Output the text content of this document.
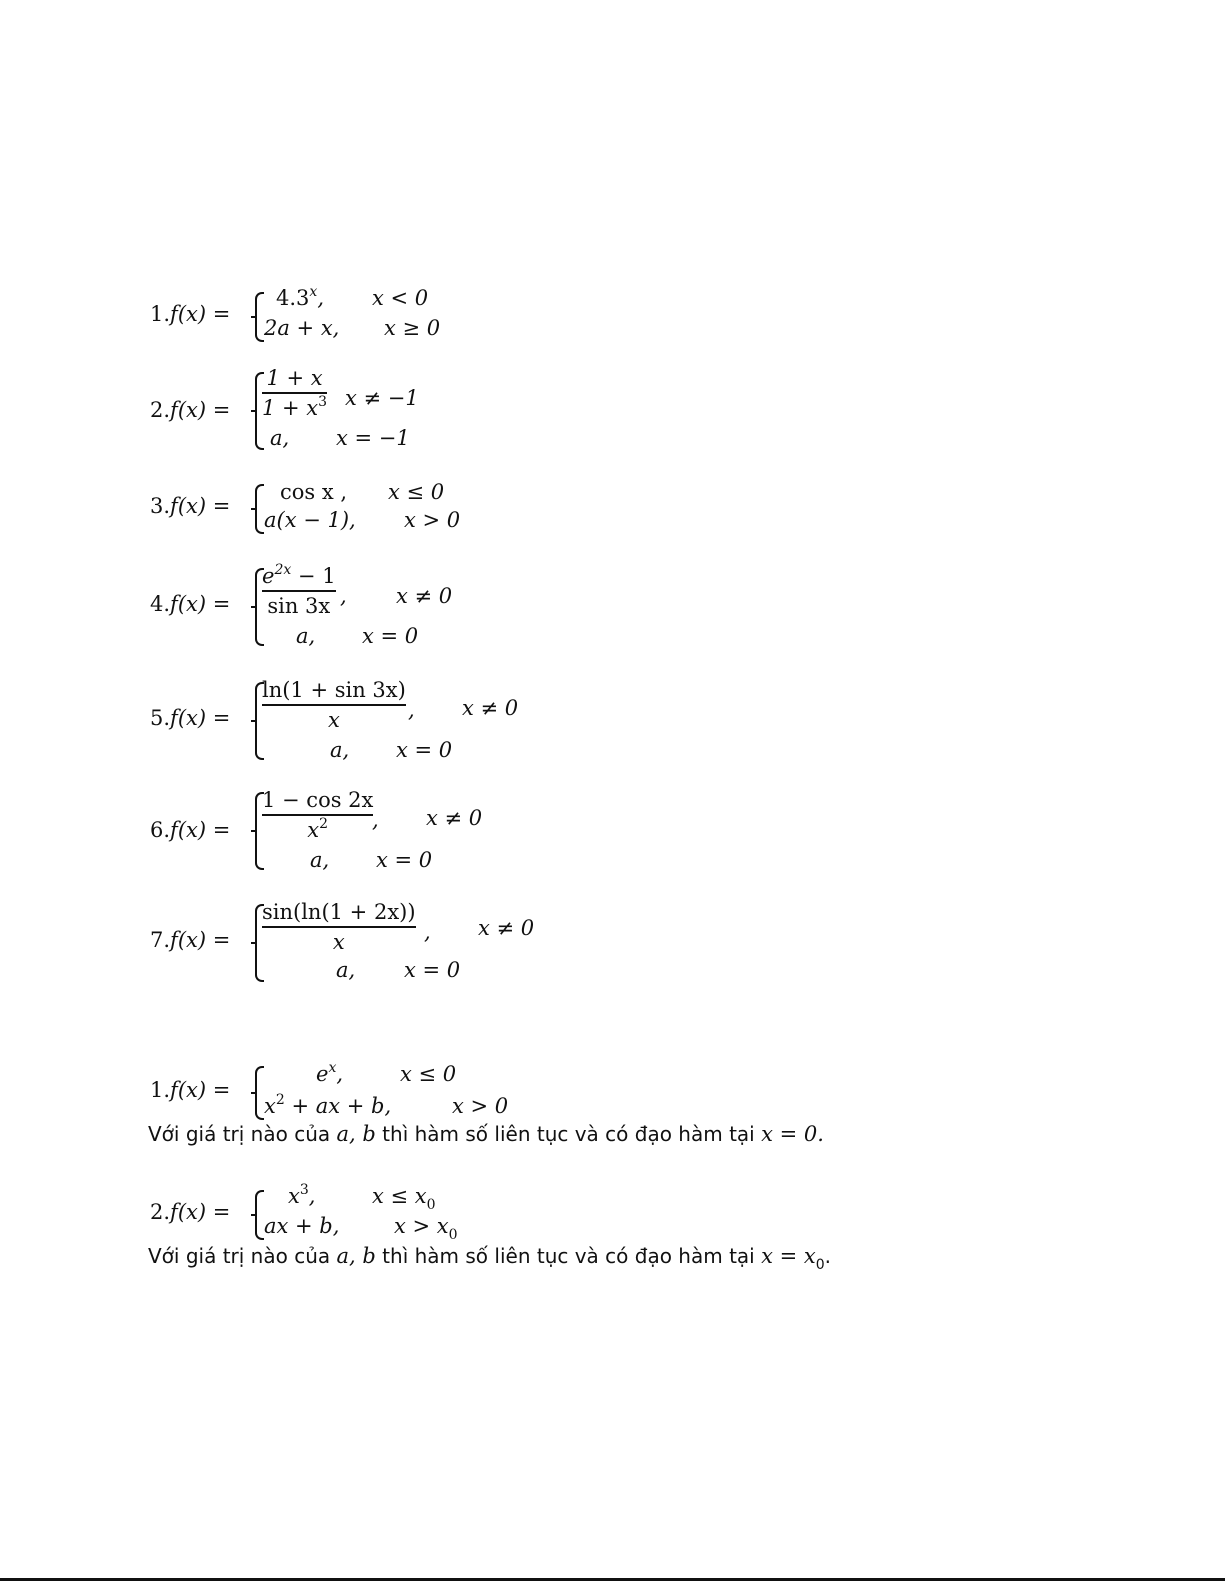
1.f(x) =
$4.3^x$, x < 0
2a + x, x ≥ 0
$2.f(x) = \frac{1 + x}{1 + x^3}$ x ≠ −1
a, x = −1
3.f(x) =
cos x , x ≤ 0
a(x − 1), x > 0
$4.f(x) = \frac{e^{2x} - 1}{\sin 3x}$ , x ≠ 0
a, x = 0
$5.f(x) = \frac{\ln(1 + \sin 3x)}{x}$ , x ≠ 0
a, x = 0
$6.f(x) = \frac{1 - \cos 2x}{x^2}$
, x ≠ 0
a, x = 0
$7.f(x) = \frac{\sin(\ln(1 + 2x))}{x}$ , x ≠ 0
a, x = 0
1.f(x) =
$e^x$,	x ≤ 0
$x^2$ + ax + b,	x > 0
Với giá trị nào của a, b thì hàm số liên tục và có đạo hàm tại x = 0.
2.f(x) =
$x^3$,	$x \le x_0$
ax + b,	$x > x_0$
Với giá trị nào của a, b thì hàm số liên tục và có đạo hàm tại $x = x_0$.
